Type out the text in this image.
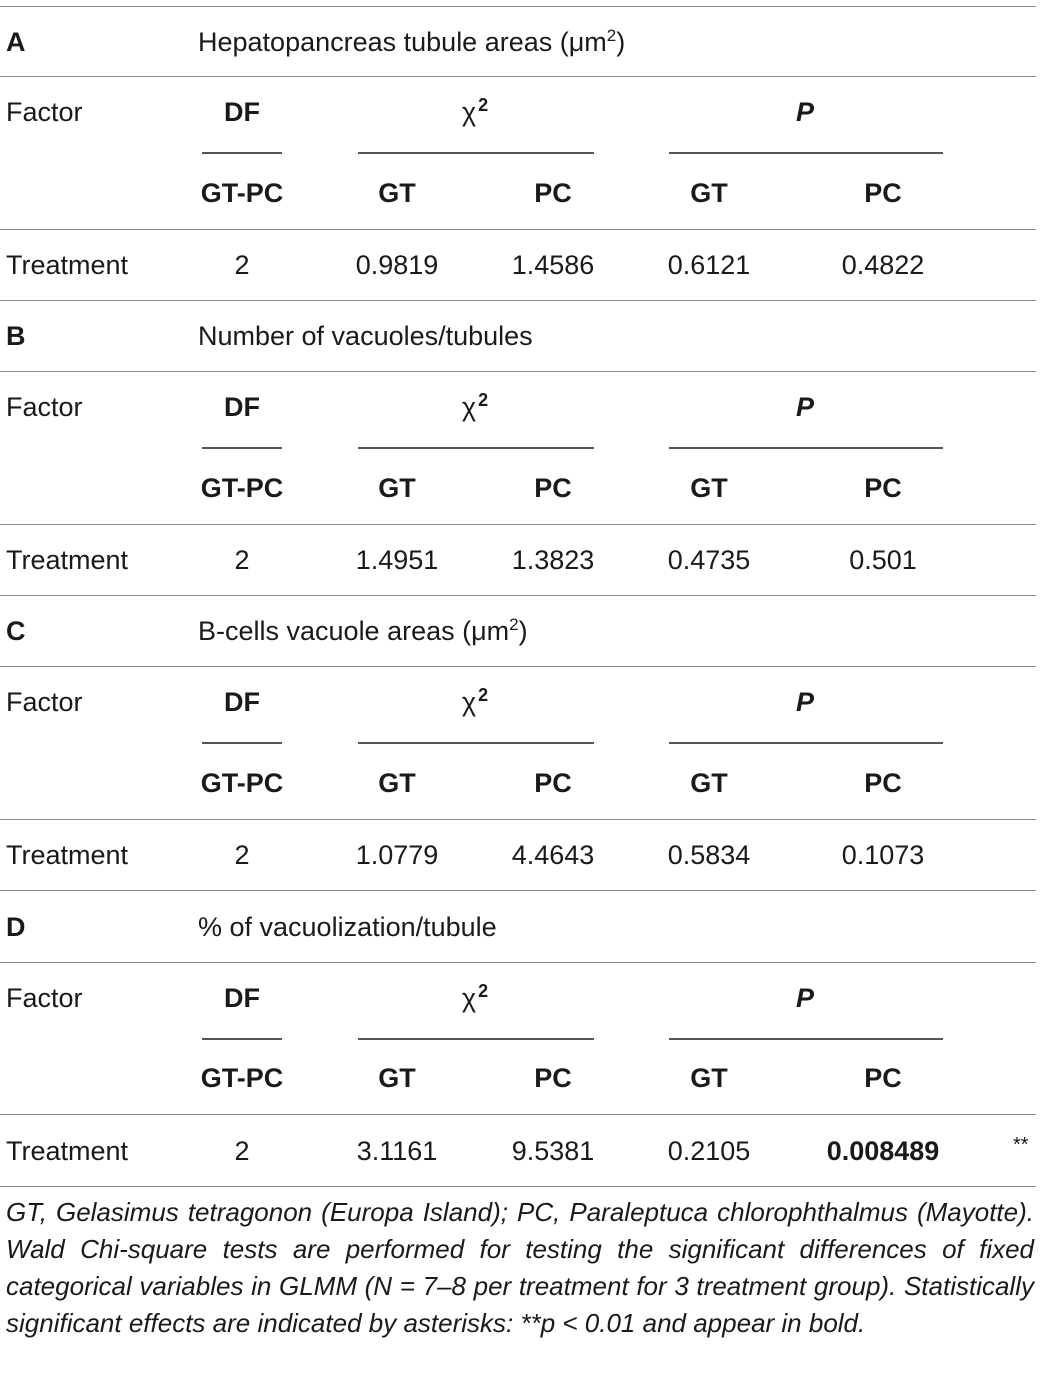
A	Hepatopancreas tubule areas $(\mu m^2)$
Factor	DF	χ $^2$	P
GT-PC	GT	PC	GT	PC
Treatment	2	0.9819	1.4586	0.6121	0.4822
B	Number of vacuoles/tubules
Factor	DF	χ $^2$	P
GT-PC	GT	PC	GT	PC
Treatment	2	1.4951	1.3823	0.4735	0.501
C	B-cells vacuole areas $(\mu m^2)$
Factor	DF	χ $^2$	P
GT-PC	GT	PC	GT	PC
Treatment	2	1.0779	4.4643	0.5834	0.1073
D	% of vacuolization/tubule
Factor	DF	χ $^2$	P
GT-PC	GT	PC	GT	PC
Treatment	2	3.1161	9.5381	0.2105	0.008489	**
GT, Gelasimus tetragonon (Europa Island); PC, Paraleptuca chlorophthalmus (Mayotte). Wald Chi-square tests are performed for testing the significant differences of fixed categorical variables in GLMM (N = 7–8 per treatment for 3 treatment group). Statistically significant effects are indicated by asterisks: **p < 0.01 and appear in bold.
